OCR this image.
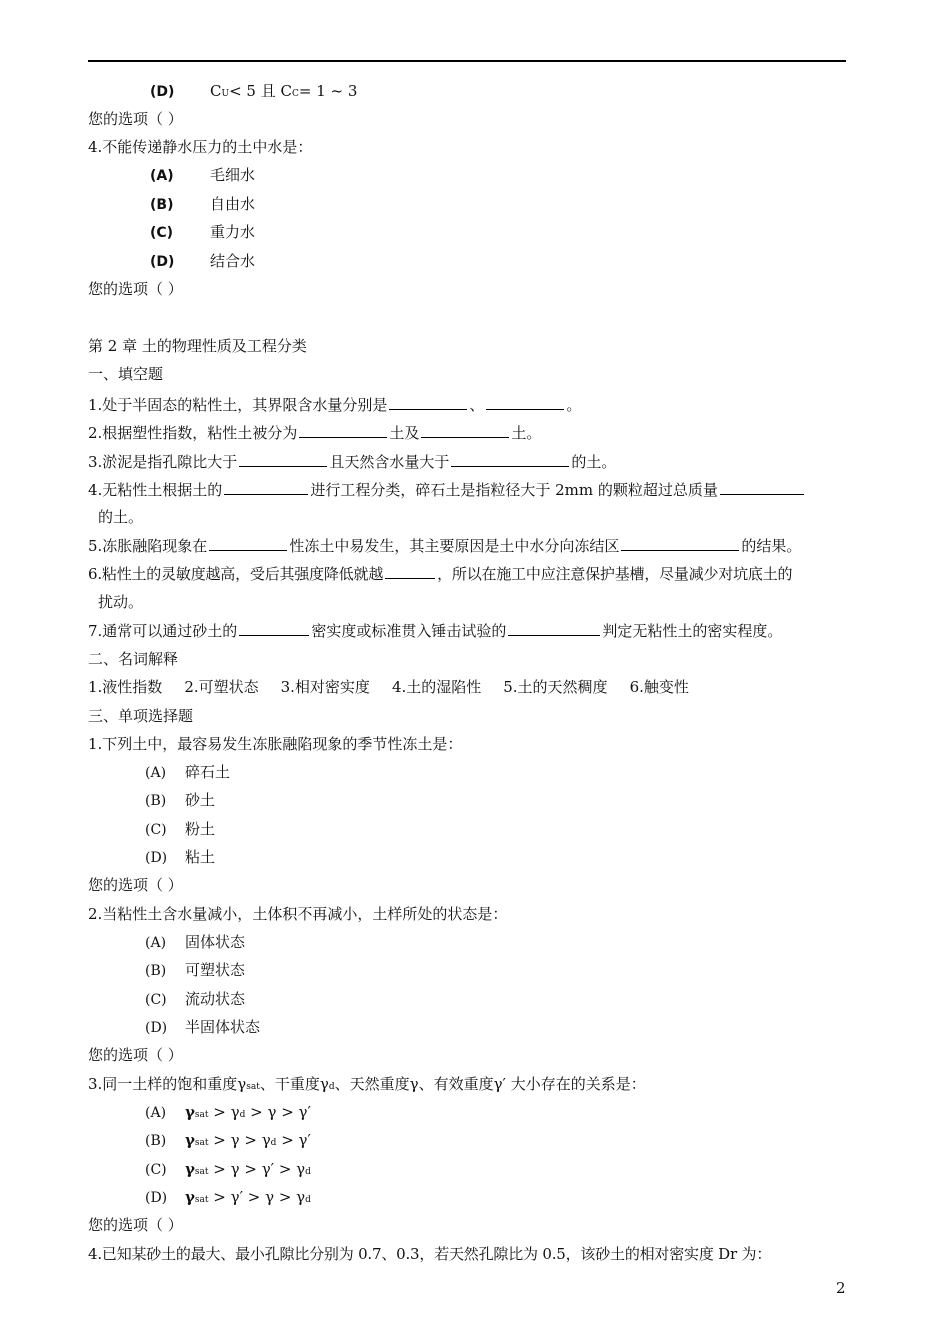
(D) CU< 5 且 CC= 1 ~ 3
您的选项（ ）
4.不能传递静水压力的土中水是：
(A) 毛细水
(B) 自由水
(C) 重力水
(D) 结合水
您的选项（ ）
第 2 章 土的物理性质及工程分类
一、填空题
1.处于半固态的粘性土，其界限含水量分别是	、	。
2.根据塑性指数，粘性土被分为	土及	土。
3.淤泥是指孔隙比大于	且天然含水量大于	的土。
4.无粘性土根据土的	进行工程分类，碎石土是指粒径大于 2mm 的颗粒超过总质量
的土。
5.冻胀融陷现象在	性冻土中易发生，其主要原因是土中水分向冻结区	的结果。
6.粘性土的灵敏度越高，受后其强度降低就越	，所以在施工中应注意保护基槽，尽量减少对坑底土的
扰动。
7.通常可以通过砂土的	密实度或标准贯入锤击试验的	判定无粘性土的密实程度。
二、名词解释
1.液性指数 2.可塑状态 3.相对密实度 4.土的湿陷性 5.土的天然稠度 6.触变性
三、单项选择题
1.下列土中，最容易发生冻胀融陷现象的季节性冻土是：
(A) 碎石土
(B) 砂土
(C) 粉土
(D) 粘土
您的选项（ ）
2.当粘性土含水量减小，土体积不再减小，土样所处的状态是：
(A) 固体状态
(B) 可塑状态
(C) 流动状态
(D) 半固体状态
您的选项（ ）
3.同一土样的饱和重度γsat、干重度γd、天然重度γ、有效重度γ′ 大小存在的关系是：
(A) γsat > γd > γ > γ′
(B) γsat > γ > γd > γ′
(C) γsat > γ > γ′ > γd
(D) γsat > γ′ > γ > γd
您的选项（ ）
4.已知某砂土的最大、最小孔隙比分别为 0.7、0.3，若天然孔隙比为 0.5，该砂土的相对密实度 Dr 为：
2
